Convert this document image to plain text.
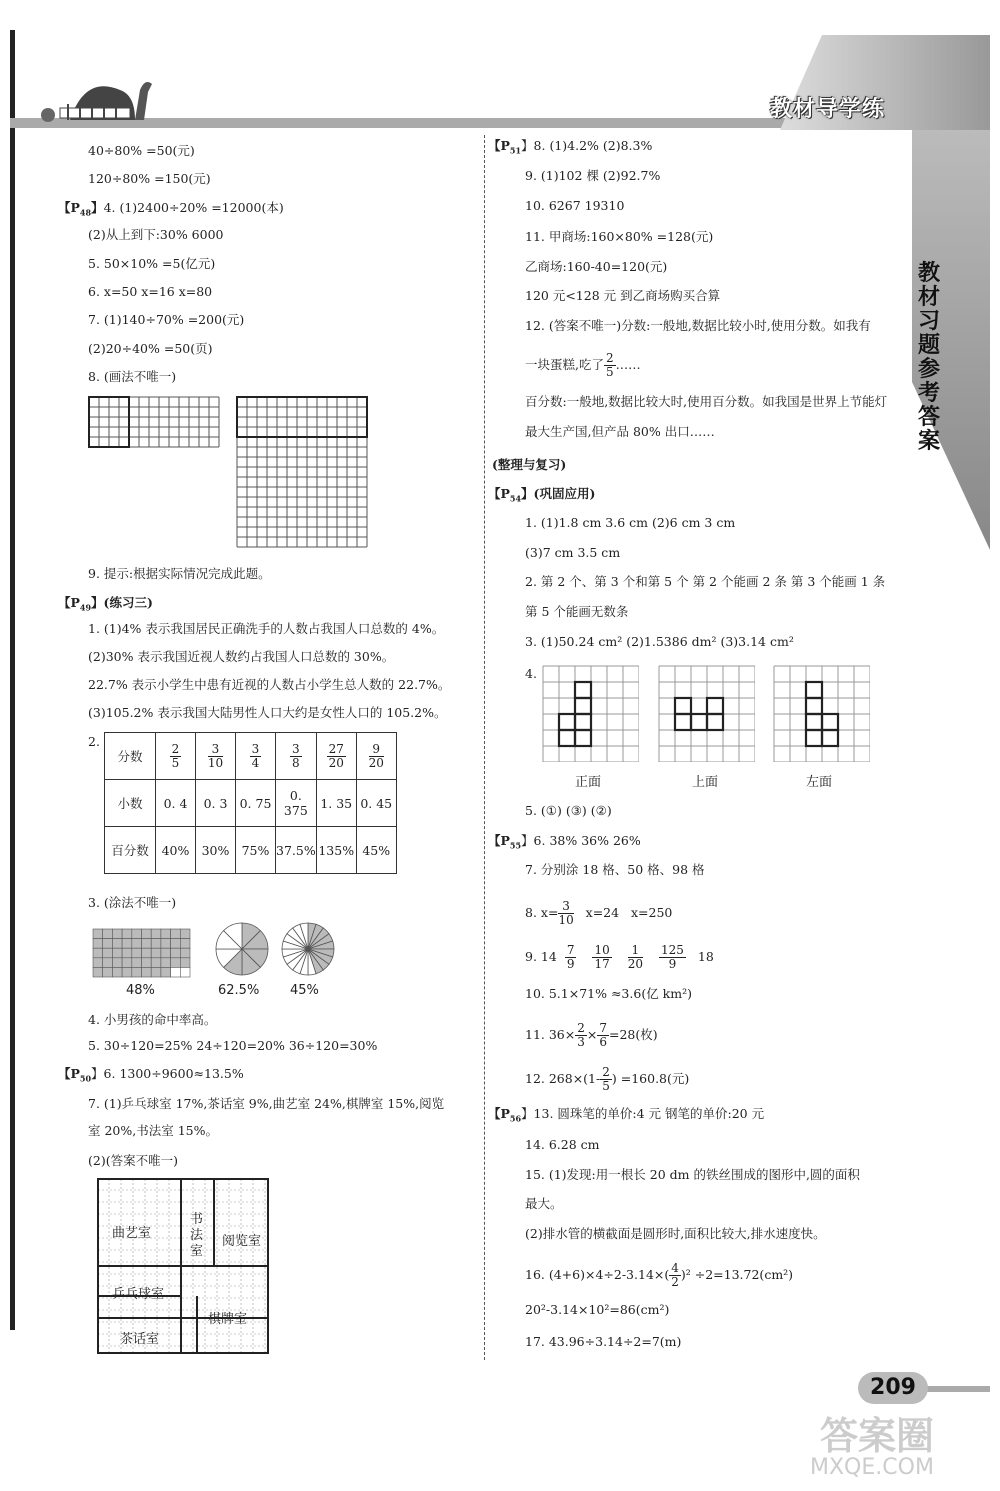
教材导学练
教材习题参考答案
40÷80% =50(元)
120÷80% =150(元)
【$P_{48}$】4. (1)2400÷20% =12000(本)
(2)从上到下:30% 6000
5. 50×10% =5(亿元)
6. x=50 x=16 x=80
7. (1)140÷70% =200(元)
(2)20÷40% =50(页)
8. (画法不唯一)
9. 提示:根据实际情况完成此题。
【$P_{49}$】(练习三)
1. (1)4% 表示我国居民正确洗手的人数占我国人口总数的 4%。
(2)30% 表示我国近视人数约占我国人口总数的 30%。
22.7% 表示小学生中患有近视的人数占小学生总人数的 22.7%。
(3)105.2% 表示我国大陆男性人口大约是女性人口的 105.2%。
2.
分数	$\frac{2}{5}$	$\frac{3}{10}$	$\frac{3}{4}$	$\frac{3}{8}$	$\frac{27}{20}$	$\frac{9}{20}$

小数	0. 4	0. 3	0. 75	0. 375	1. 35	0. 45
百分数	40%	30%	75%	37.5%	135%	45%
3. (涂法不唯一)
48%	62.5% 45%
4. 小男孩的命中率高。
5. 30÷120=25% 24÷120=20% 36÷120=30%
【$P_{50}$】6. 1300÷9600≈13.5%
7. (1)乒乓球室 17%,茶话室 9%,曲艺室 24%,棋牌室 15%,阅览
室 20%,书法室 15%。
(2)(答案不唯一)
曲艺室
书法室
阅览室
乒乓球室
棋牌室
茶话室
【$P_{51}$】8. (1)4.2% (2)8.3%
9. (1)102 棵 (2)92.7%
10. 6267 19310
11. 甲商场:160×80% =128(元)
乙商场:160-40=120(元)
120 元<128 元 到乙商场购买合算
12. (答案不唯一)分数:一般地,数据比较小时,使用分数。如我有
一块蛋糕,吃了 $\frac{2}{5}$ ……
百分数:一般地,数据比较大时,使用百分数。如我国是世界上节能灯
最大生产国,但产品 80% 出口……
(整理与复习)
【$P_{54}$】(巩固应用)
1. (1)1.8 cm 3.6 cm (2)6 cm 3 cm
(3)7 cm 3.5 cm
2. 第 2 个、第 3 个和第 5 个 第 2 个能画 2 条 第 3 个能画 1 条
第 5 个能画无数条
3. (1)50.24 cm² (2)1.5386 dm² (3)3.14 cm²
4.
正面	上面	左面
5. (①) (③) (②)
【$P_{55}$】6. 38% 36% 26%
7. 分别涂 18 格、50 格、98 格
8. $x= \frac{3}{10} x=24$   x=250
9. $14 \frac{7}{9} \frac{10}{17} \frac{1}{20} \frac{125}{9} 18$
10. 5.1×71% ≈3.6(亿 km²)
11. $36\times \frac{2}{3} \times \frac{7}{6} =28$(枚)
12. $268\times(1- \frac{2}{5}$ ) =160.8(元)
【$P_{56}$】13. 圆珠笔的单价:4 元 钢笔的单价:20 元
14. 6.28 cm
15. (1)发现:用一根长 20 dm 的铁丝围成的图形中,圆的面积
最大。
(2)排水管的横截面是圆形时,面积比较大,排水速度快。
16. $(4+6)\times 4\div 2-3.14\times( \frac{4}{2} )^2 \div 2=13.72(cm^2)$
20²-3.14×10²=86(cm²)
17. 43.96÷3.14÷2=7(m)
209
答案圈
MXQE.COM
